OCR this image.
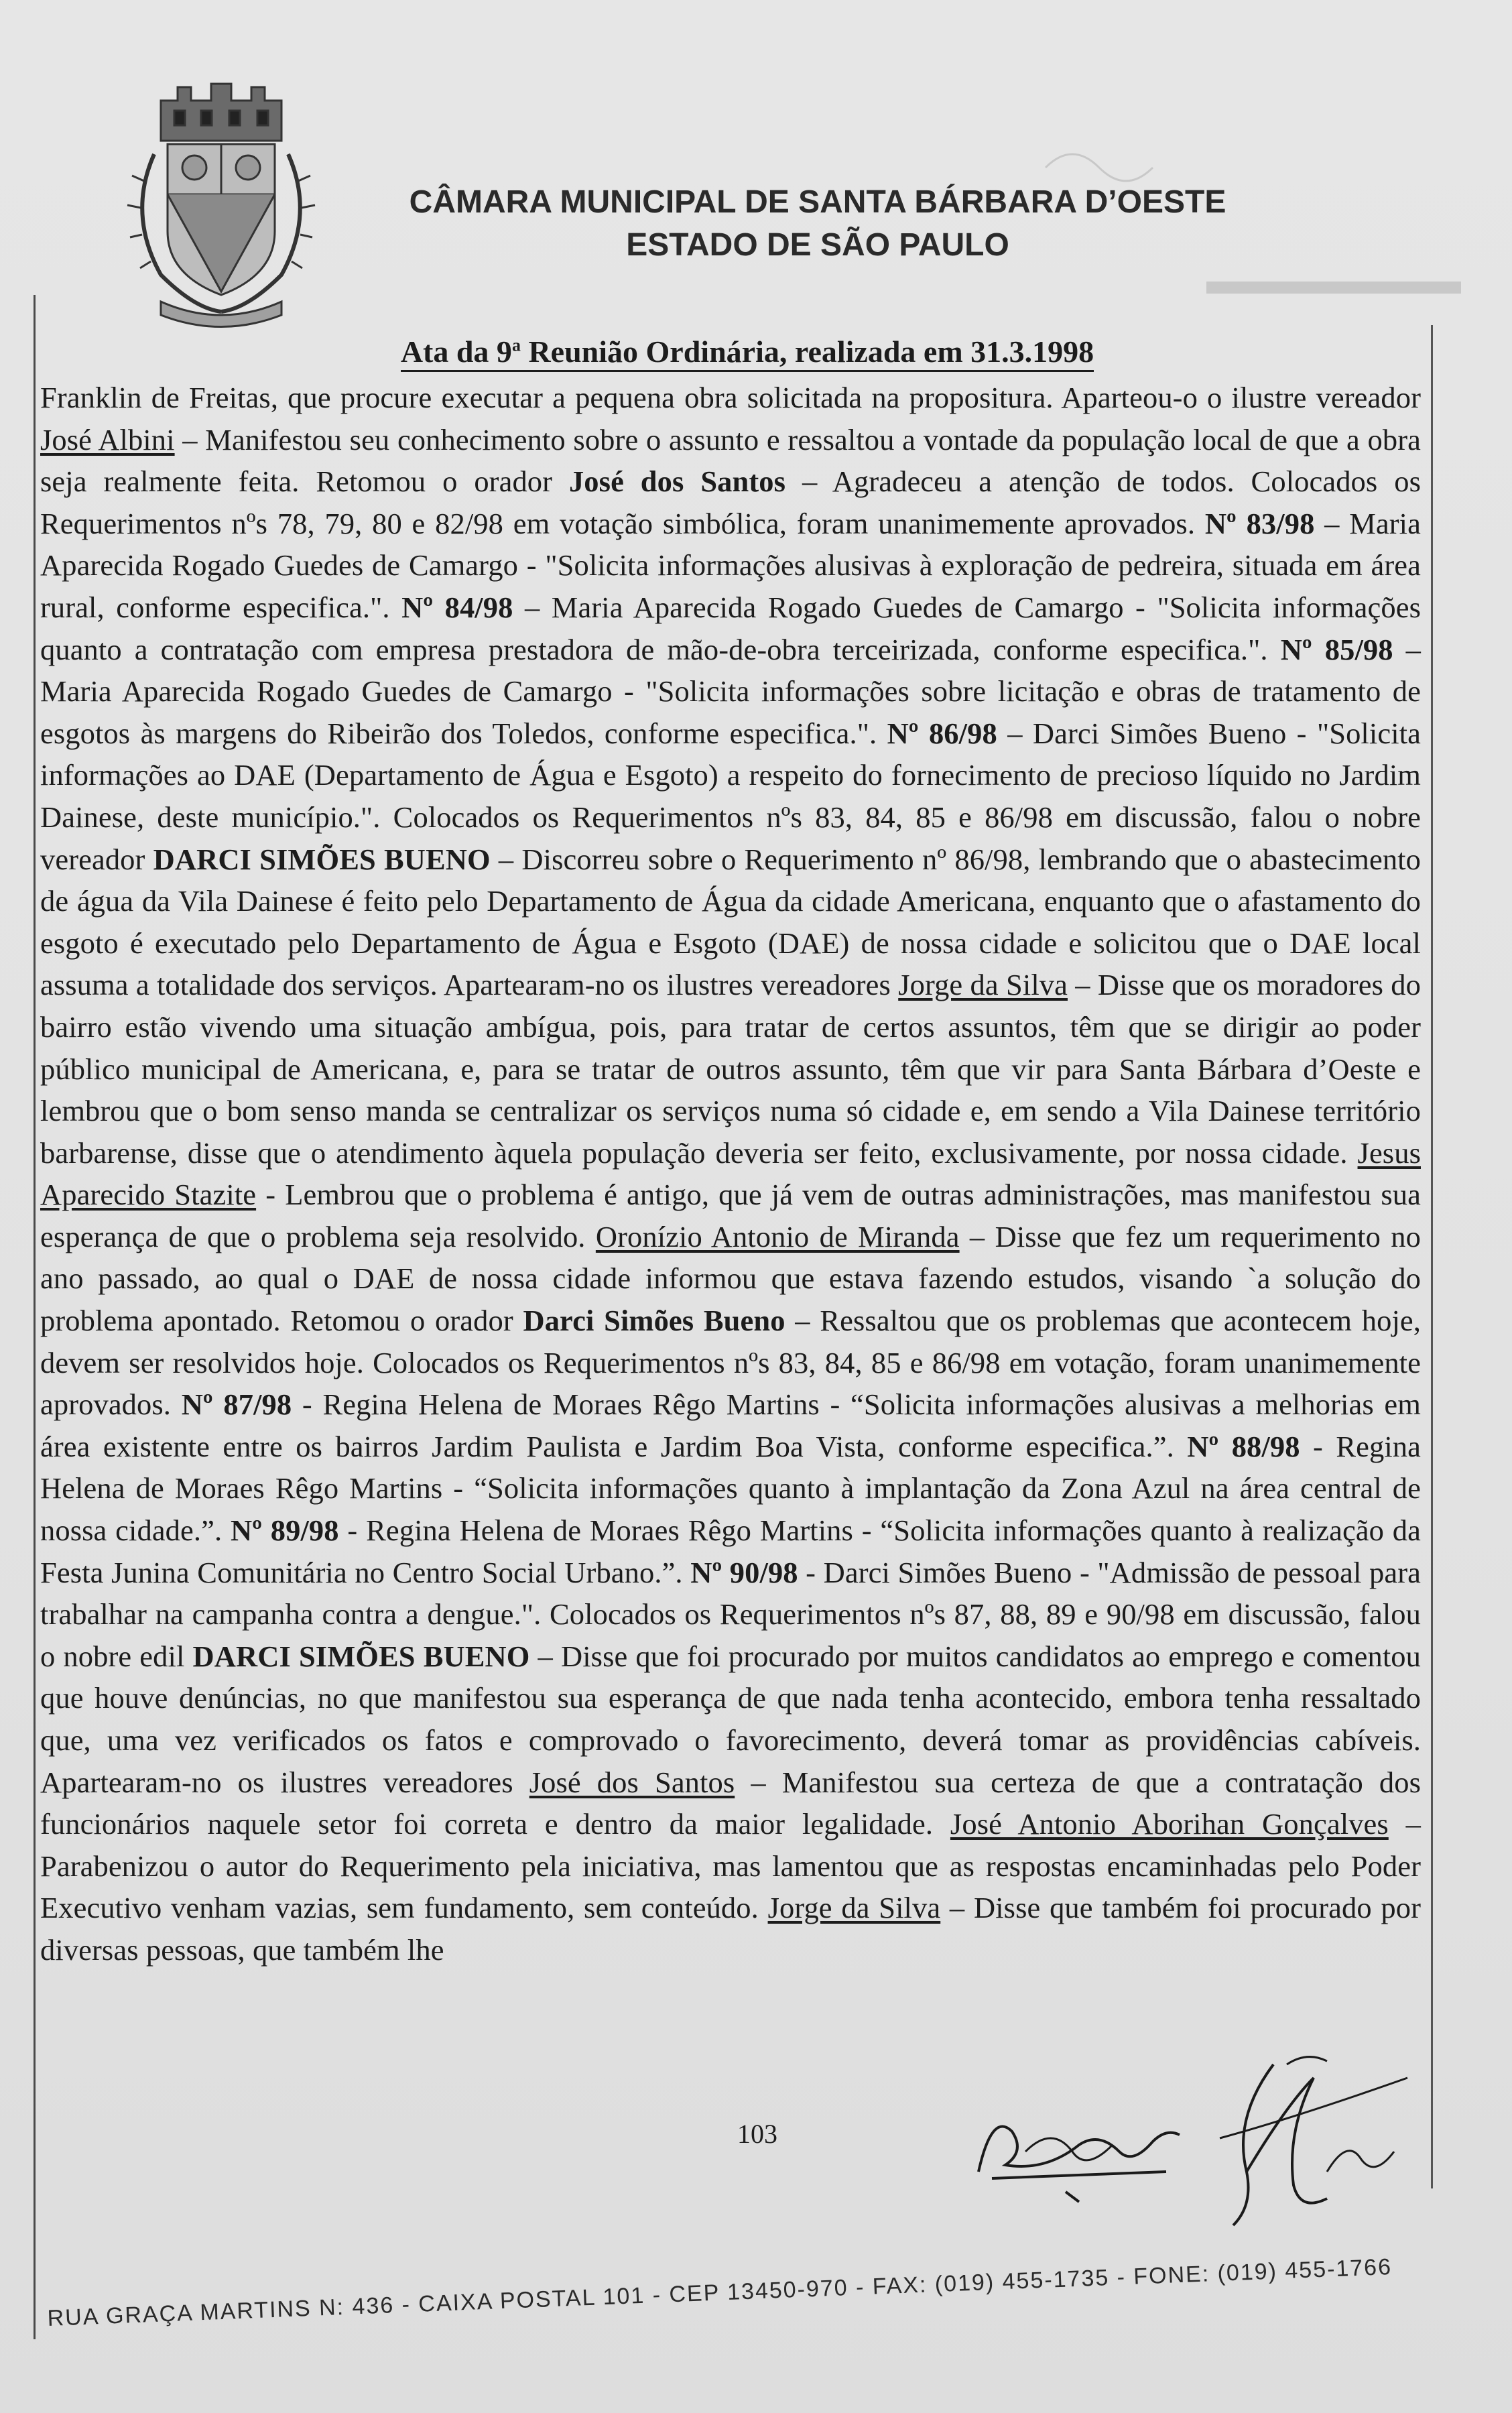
CÂMARA MUNICIPAL DE SANTA BÁRBARA D’OESTE
ESTADO DE SÃO PAULO
Ata da 9$^a$ Reunião Ordinária, realizada em 31.3.1998
Franklin de Freitas, que procure executar a pequena obra solicitada na propositura. Aparteou-o o ilustre vereador José Albini – Manifestou seu conhecimento sobre o assunto e ressaltou a vontade da população local de que a obra seja realmente feita. Retomou o orador José dos Santos – Agradeceu a atenção de todos. Colocados os Requerimentos nºs 78, 79, 80 e 82/98 em votação simbólica, foram unanimemente aprovados. Nº 83/98 – Maria Aparecida Rogado Guedes de Camargo - "Solicita informações alusivas à exploração de pedreira, situada em área rural, conforme especifica.". Nº 84/98 – Maria Aparecida Rogado Guedes de Camargo - "Solicita informações quanto a contratação com empresa prestadora de mão-de-obra terceirizada, conforme especifica.". Nº 85/98 – Maria Aparecida Rogado Guedes de Camargo - "Solicita informações sobre licitação e obras de tratamento de esgotos às margens do Ribeirão dos Toledos, conforme especifica.". Nº 86/98 – Darci Simões Bueno - "Solicita informações ao DAE (Departamento de Água e Esgoto) a respeito do fornecimento de precioso líquido no Jardim Dainese, deste município.". Colocados os Requerimentos nºs 83, 84, 85 e 86/98 em discussão, falou o nobre vereador DARCI SIMÕES BUENO – Discorreu sobre o Requerimento nº 86/98, lembrando que o abastecimento de água da Vila Dainese é feito pelo Departamento de Água da cidade Americana, enquanto que o afastamento do esgoto é executado pelo Departamento de Água e Esgoto (DAE) de nossa cidade e solicitou que o DAE local assuma a totalidade dos serviços. Apartearam-no os ilustres vereadores Jorge da Silva – Disse que os moradores do bairro estão vivendo uma situação ambígua, pois, para tratar de certos assuntos, têm que se dirigir ao poder público municipal de Americana, e, para se tratar de outros assunto, têm que vir para Santa Bárbara d’Oeste e lembrou que o bom senso manda se centralizar os serviços numa só cidade e, em sendo a Vila Dainese território barbarense, disse que o atendimento àquela população deveria ser feito, exclusivamente, por nossa cidade. Jesus Aparecido Stazite - Lembrou que o problema é antigo, que já vem de outras administrações, mas manifestou sua esperança de que o problema seja resolvido. Oronízio Antonio de Miranda – Disse que fez um requerimento no ano passado, ao qual o DAE de nossa cidade informou que estava fazendo estudos, visando `a solução do problema apontado. Retomou o orador Darci Simões Bueno – Ressaltou que os problemas que acontecem hoje, devem ser resolvidos hoje. Colocados os Requerimentos nºs 83, 84, 85 e 86/98 em votação, foram unanimemente aprovados. Nº 87/98 - Regina Helena de Moraes Rêgo Martins - “Solicita informações alusivas a melhorias em área existente entre os bairros Jardim Paulista e Jardim Boa Vista, conforme especifica.”. Nº 88/98 - Regina Helena de Moraes Rêgo Martins - “Solicita informações quanto à implantação da Zona Azul na área central de nossa cidade.”. Nº 89/98 - Regina Helena de Moraes Rêgo Martins - “Solicita informações quanto à realização da Festa Junina Comunitária no Centro Social Urbano.”. Nº 90/98 - Darci Simões Bueno - "Admissão de pessoal para trabalhar na campanha contra a dengue.". Colocados os Requerimentos nºs 87, 88, 89 e 90/98 em discussão, falou o nobre edil DARCI SIMÕES BUENO – Disse que foi procurado por muitos candidatos ao emprego e comentou que houve denúncias, no que manifestou sua esperança de que nada tenha acontecido, embora tenha ressaltado que, uma vez verificados os fatos e comprovado o favorecimento, deverá tomar as providências cabíveis. Apartearam-no os ilustres vereadores José dos Santos – Manifestou sua certeza de que a contratação dos funcionários naquele setor foi correta e dentro da maior legalidade. José Antonio Aborihan Gonçalves – Parabenizou o autor do Requerimento pela iniciativa, mas lamentou que as respostas encaminhadas pelo Poder Executivo venham vazias, sem fundamento, sem conteúdo. Jorge da Silva – Disse que também foi procurado por diversas pessoas, que também lhe
103
RUA GRAÇA MARTINS N: 436 - CAIXA POSTAL 101 - CEP 13450-970 - FAX: (019) 455-1735 - FONE: (019) 455-1766
